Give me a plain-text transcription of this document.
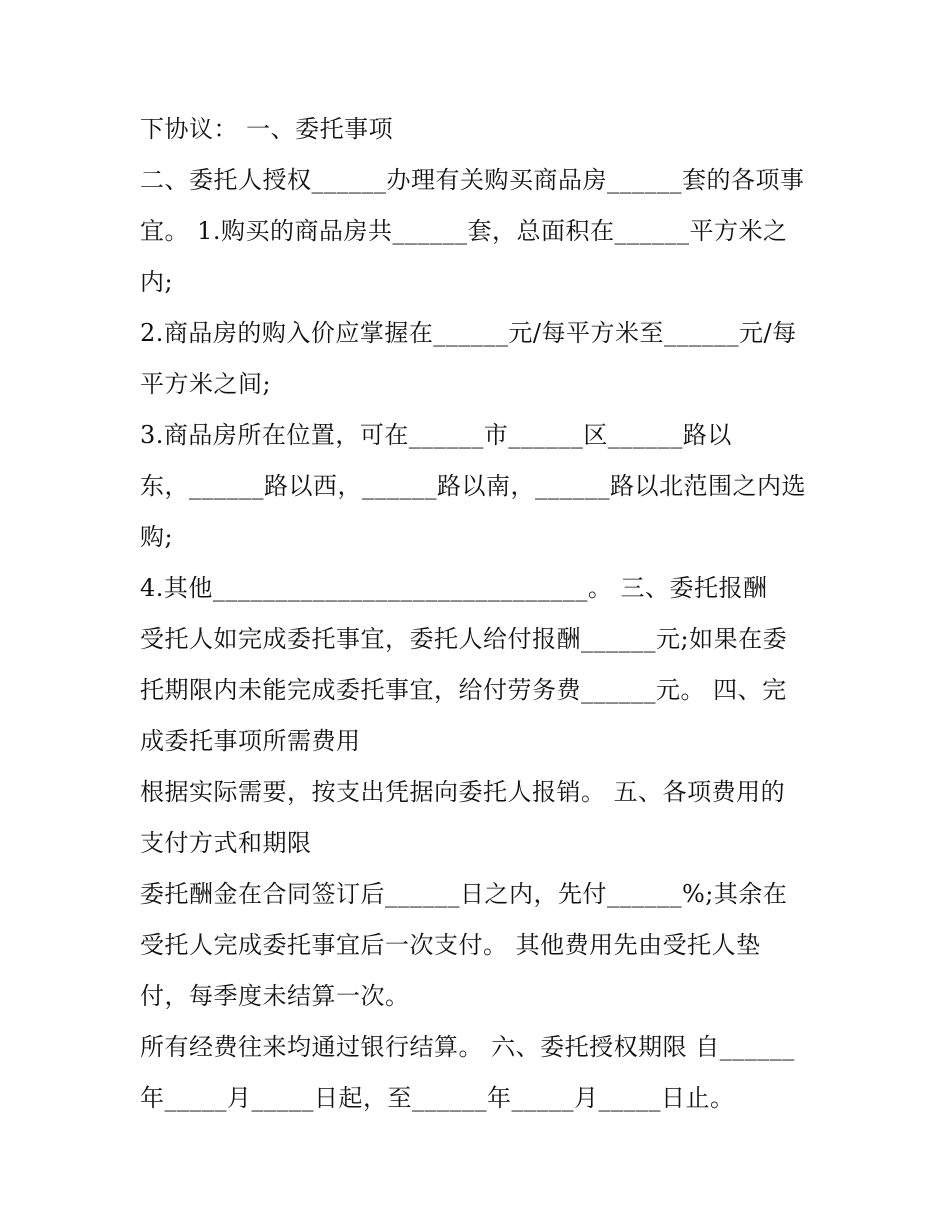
下协议： 一、委托事项
二、委托人授权______办理有关购买商品房______套的各项事
宜。 1.购买的商品房共______套，总面积在______平方米之
内;
2.商品房的购入价应掌握在______元/每平方米至______元/每
平方米之间;
3.商品房所在位置，可在______市______区______路以
东，______路以西，______路以南，______路以北范围之内选
购;
4.其他______________________________。 三、委托报酬
受托人如完成委托事宜，委托人给付报酬______元;如果在委
托期限内未能完成委托事宜，给付劳务费______元。 四、完
成委托事项所需费用
根据实际需要，按支出凭据向委托人报销。 五、各项费用的
支付方式和期限
委托酬金在合同签订后______日之内，先付______%;其余在
受托人完成委托事宜后一次支付。 其他费用先由受托人垫
付，每季度未结算一次。
所有经费往来均通过银行结算。 六、委托授权期限 自______
年_____月_____日起，至______年_____月_____日止。
